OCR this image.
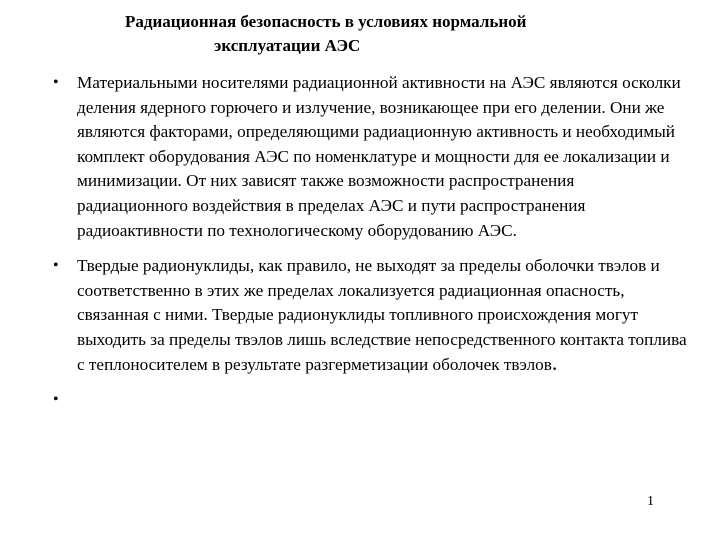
Радиационная безопасность в условиях нормальной
эксплуатации АЭС
• Материальными носителями радиационной активности на АЭС являются осколки деления ядерного горючего и излучение, возникающее при его делении. Они же являются факторами, определяющими радиационную активность и необходимый комплект оборудования АЭС по номенклатуре и мощности для ее локализации и минимизации. От них зависят также возможности распространения радиационного воздействия в пределах АЭС и пути распространения радиоактивности по технологическому оборудованию АЭС.
• Твердые радионуклиды, как правило, не выходят за пределы оболочки твэлов и соответственно в этих же пределах локализуется радиационная опасность, связанная с ними. Твердые радионуклиды топливного происхождения могут выходить за пределы твэлов лишь вследствие непосредственного контакта топлива с теплоносителем в результате разгерметизации оболочек твэлов.
•
1
